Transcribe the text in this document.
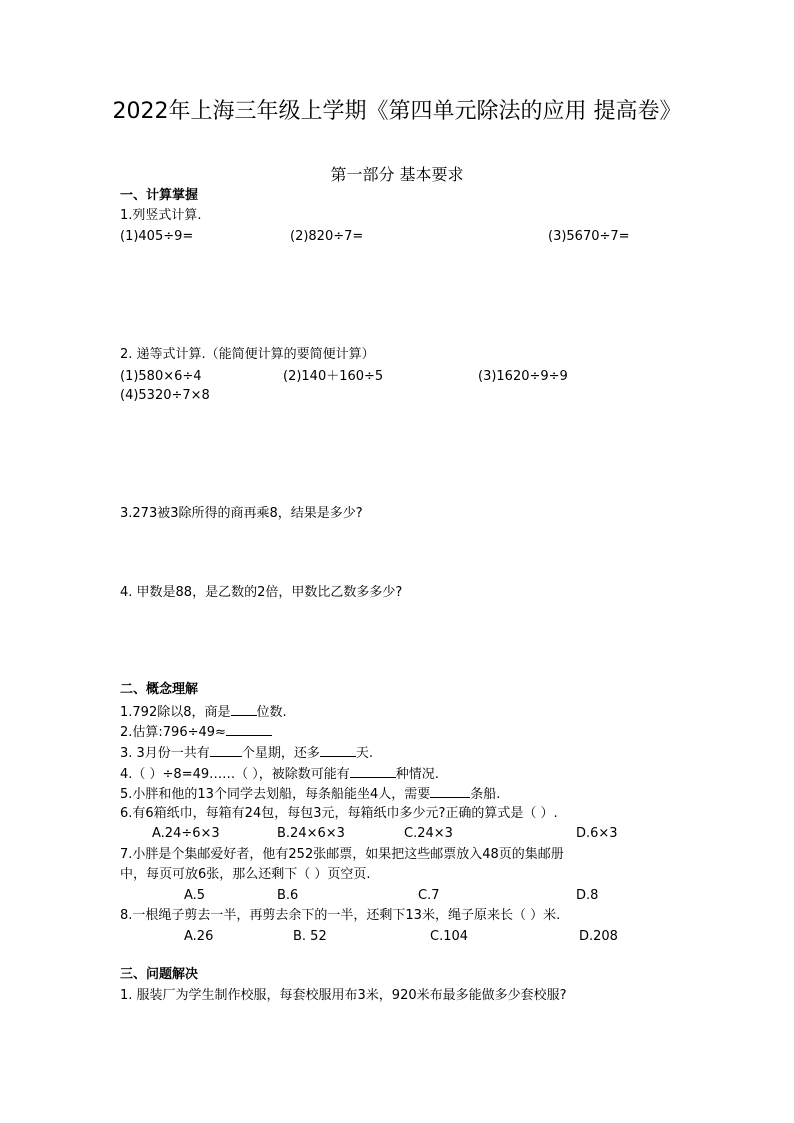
2022年上海三年级上学期《第四单元除法的应用 提高卷》
第一部分 基本要求
一、计算掌握
1.列竖式计算.
(1)405÷9=	(2)820÷7=	(3)5670÷7=
2. 递等式计算.（能简便计算的要简便计算）
(1)580×6÷4	(2)140＋160÷5	(3)1620÷9÷9
(4)5320÷7×8
3.273被3除所得的商再乘8，结果是多少?
4. 甲数是88，是乙数的2倍，甲数比乙数多多少?
二、概念理解
1.792除以8，商是 位数.
2.估算:796÷49≈
3. 3月份一共有 个星期，还多	天.
4.（ ）÷8=49……（ ），被除数可能有	种情况.
5.小胖和他的13个同学去划船，每条船能坐4人，需要	条船.
6.有6箱纸巾，每箱有24包，每包3元，每箱纸巾多少元?正确的算式是（ ）.
A.24÷6×3	B.24×6×3	C.24×3	D.6×3
7.小胖是个集邮爱好者，他有252张邮票，如果把这些邮票放入48页的集邮册
中，每页可放6张，那么还剩下（ ）页空页.
A.5	B.6	C.7	D.8
8.一根绳子剪去一半，再剪去余下的一半，还剩下13米，绳子原来长（ ）米.
A.26	B. 52	C.104	D.208
三、问题解决
1. 服装厂为学生制作校服，每套校服用布3米，920米布最多能做多少套校服?
